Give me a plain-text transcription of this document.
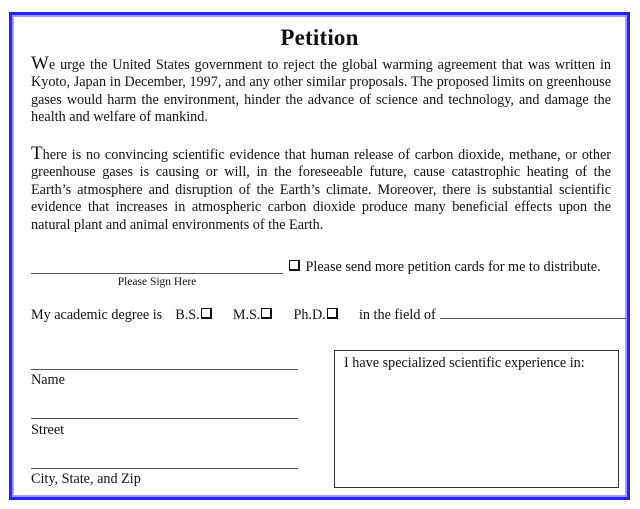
Petition
We urge the United States government to reject the global warming agreement that was written in Kyoto, Japan in December, 1997, and any other similar proposals. The proposed limits on greenhouse gases would harm the environment, hinder the advance of science and technology, and damage the health and welfare of mankind.
There is no convincing scientific evidence that human release of carbon dioxide, methane, or other greenhouse gases is causing or will, in the foreseeable future, cause catastrophic heating of the Earth’s atmosphere and disruption of the Earth’s climate. Moreover, there is substantial scientific evidence that increases in atmospheric carbon dioxide produce many beneficial effects upon the natural plant and animal environments of the Earth.
Please Sign Here
Please send more petition cards for me to distribute.
My academic degree is B.S. M.S. Ph.D. in the field of
Name
Street
City, State, and Zip
I have specialized scientific experience in:
